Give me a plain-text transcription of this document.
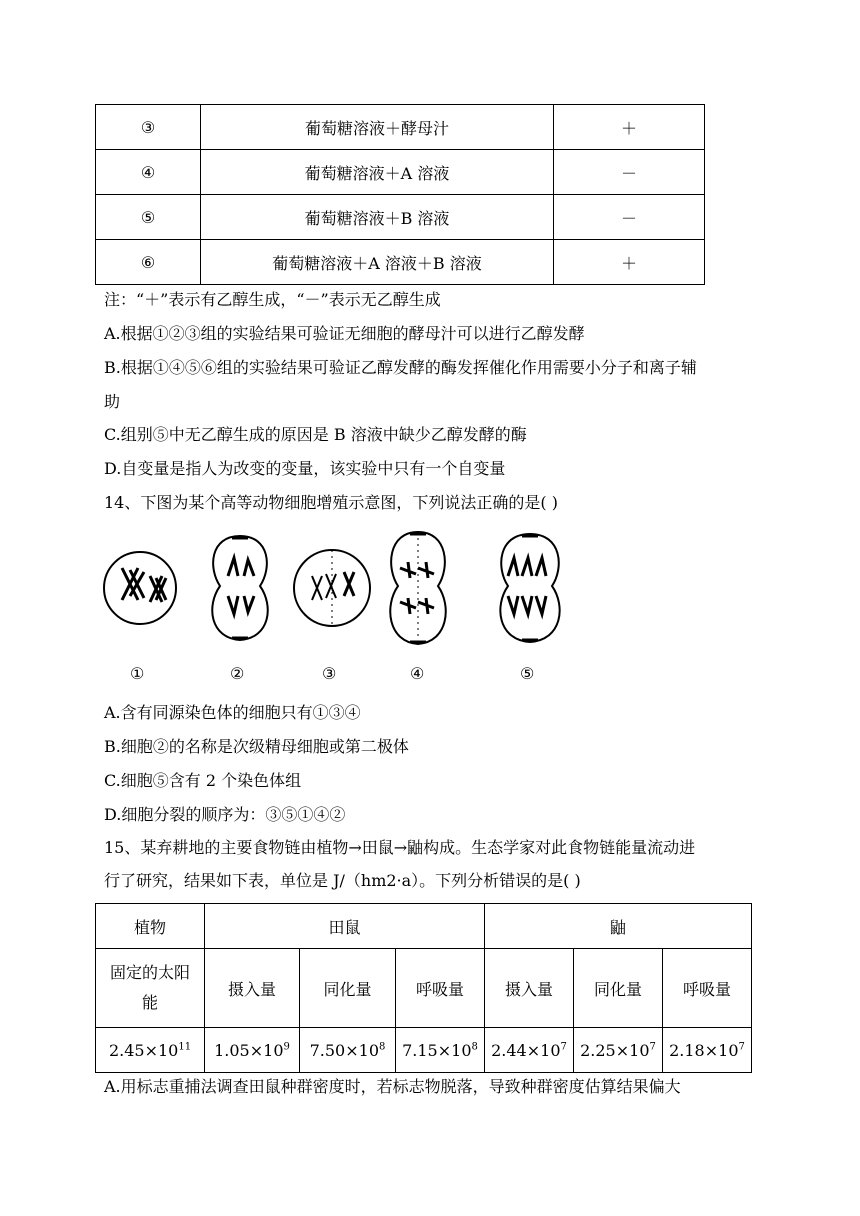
③	葡萄糖溶液＋酵母汁	＋
④	葡萄糖溶液＋A 溶液	－
⑤	葡萄糖溶液＋B 溶液	－
⑥	葡萄糖溶液＋A 溶液＋B 溶液	＋
注：“＋”表示有乙醇生成，“－”表示无乙醇生成
A.根据①②③组的实验结果可验证无细胞的酵母汁可以进行乙醇发酵
B.根据①④⑤⑥组的实验结果可验证乙醇发酵的酶发挥催化作用需要小分子和离子辅
助
C.组别⑤中无乙醇生成的原因是 B 溶液中缺少乙醇发酵的酶
D.自变量是指人为改变的变量，该实验中只有一个自变量
14、下图为某个高等动物细胞增殖示意图，下列说法正确的是( )
①	②	③	④	⑤
A.含有同源染色体的细胞只有①③④
B.细胞②的名称是次级精母细胞或第二极体
C.细胞⑤含有 2 个染色体组
D.细胞分裂的顺序为：③⑤①④②
15、某弃耕地的主要食物链由植物→田鼠→鼬构成。生态学家对此食物链能量流动进
行了研究，结果如下表，单位是 J/（hm2·a）。下列分析错误的是( )
植物	田鼠			鼬		
固定的太阳能	摄入量	同化量	呼吸量	摄入量	同化量	呼吸量
$2.45\times 10^{11}$	$1.05\times 10^9$	$7.50\times 10^8$	$7.15\times 10^8$	$2.44\times 10^7$	$2.25\times 10^7$	$2.18\times 10^7$
A.用标志重捕法调查田鼠种群密度时，若标志物脱落，导致种群密度估算结果偏大
